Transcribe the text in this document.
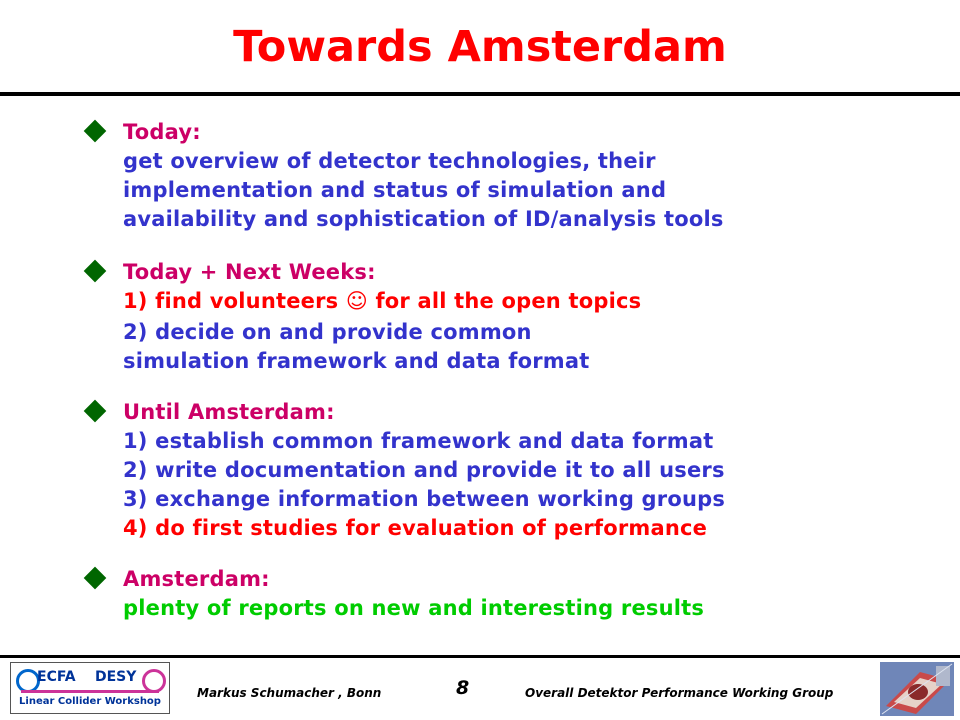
Towards Amsterdam
Today:
get overview of detector technologies, their
implementation and status of simulation and
availability and sophistication of ID/analysis tools
Today + Next Weeks:
1) find volunteers ☺ for all the open topics
2) decide on and provide common
simulation framework and data format
Until Amsterdam:
1) establish common framework and data format
2) write documentation and provide it to all users
3) exchange information between working groups
4) do first studies for evaluation of performance
Amsterdam:
plenty of reports on new and interesting results
ECFA DESY
Linear Collider Workshop
Markus Schumacher , Bonn	8	Overall Detektor Performance Working Group
